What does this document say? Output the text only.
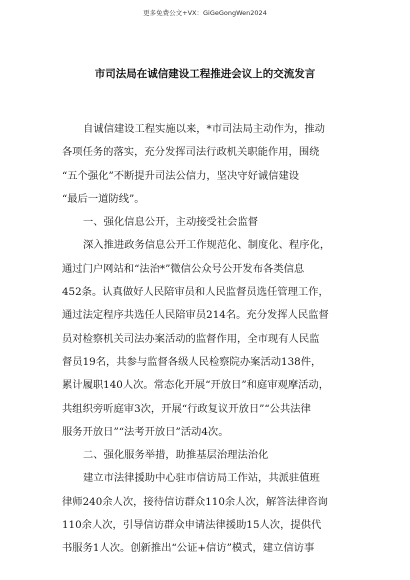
更多免费公文+VX：GiGeGongWen2024
市司法局在诚信建设工程推进会议上的交流发言
自诚信建设工程实施以来，*市司法局主动作为，推动
各项任务的落实，充分发挥司法行政机关职能作用，围绕
“五个强化”不断提升司法公信力，坚决守好诚信建设
“最后一道防线”。
一、强化信息公开，主动接受社会监督
深入推进政务信息公开工作规范化、制度化、程序化，
通过门户网站和“法治*”微信公众号公开发布各类信息
452条。认真做好人民陪审员和人民监督员选任管理工作，
通过法定程序共选任人民陪审员214名。充分发挥人民监督
员对检察机关司法办案活动的监督作用，全市现有人民监
督员19名，共参与监督各级人民检察院办案活动138件，
累计履职140人次。常态化开展“开放日”和庭审观摩活动，
共组织旁听庭审3次，开展“行政复议开放日”“公共法律
服务开放日”“法考开放日”活动4次。
二、强化服务举措，助推基层治理法治化
建立市法律援助中心驻市信访局工作站，共派驻值班
律师240余人次，接待信访群众110余人次，解答法律咨询
110余人次，引导信访群众申请法律援助15人次，提供代
书服务1人次。创新推出“公证+信访”模式，建立信访事
